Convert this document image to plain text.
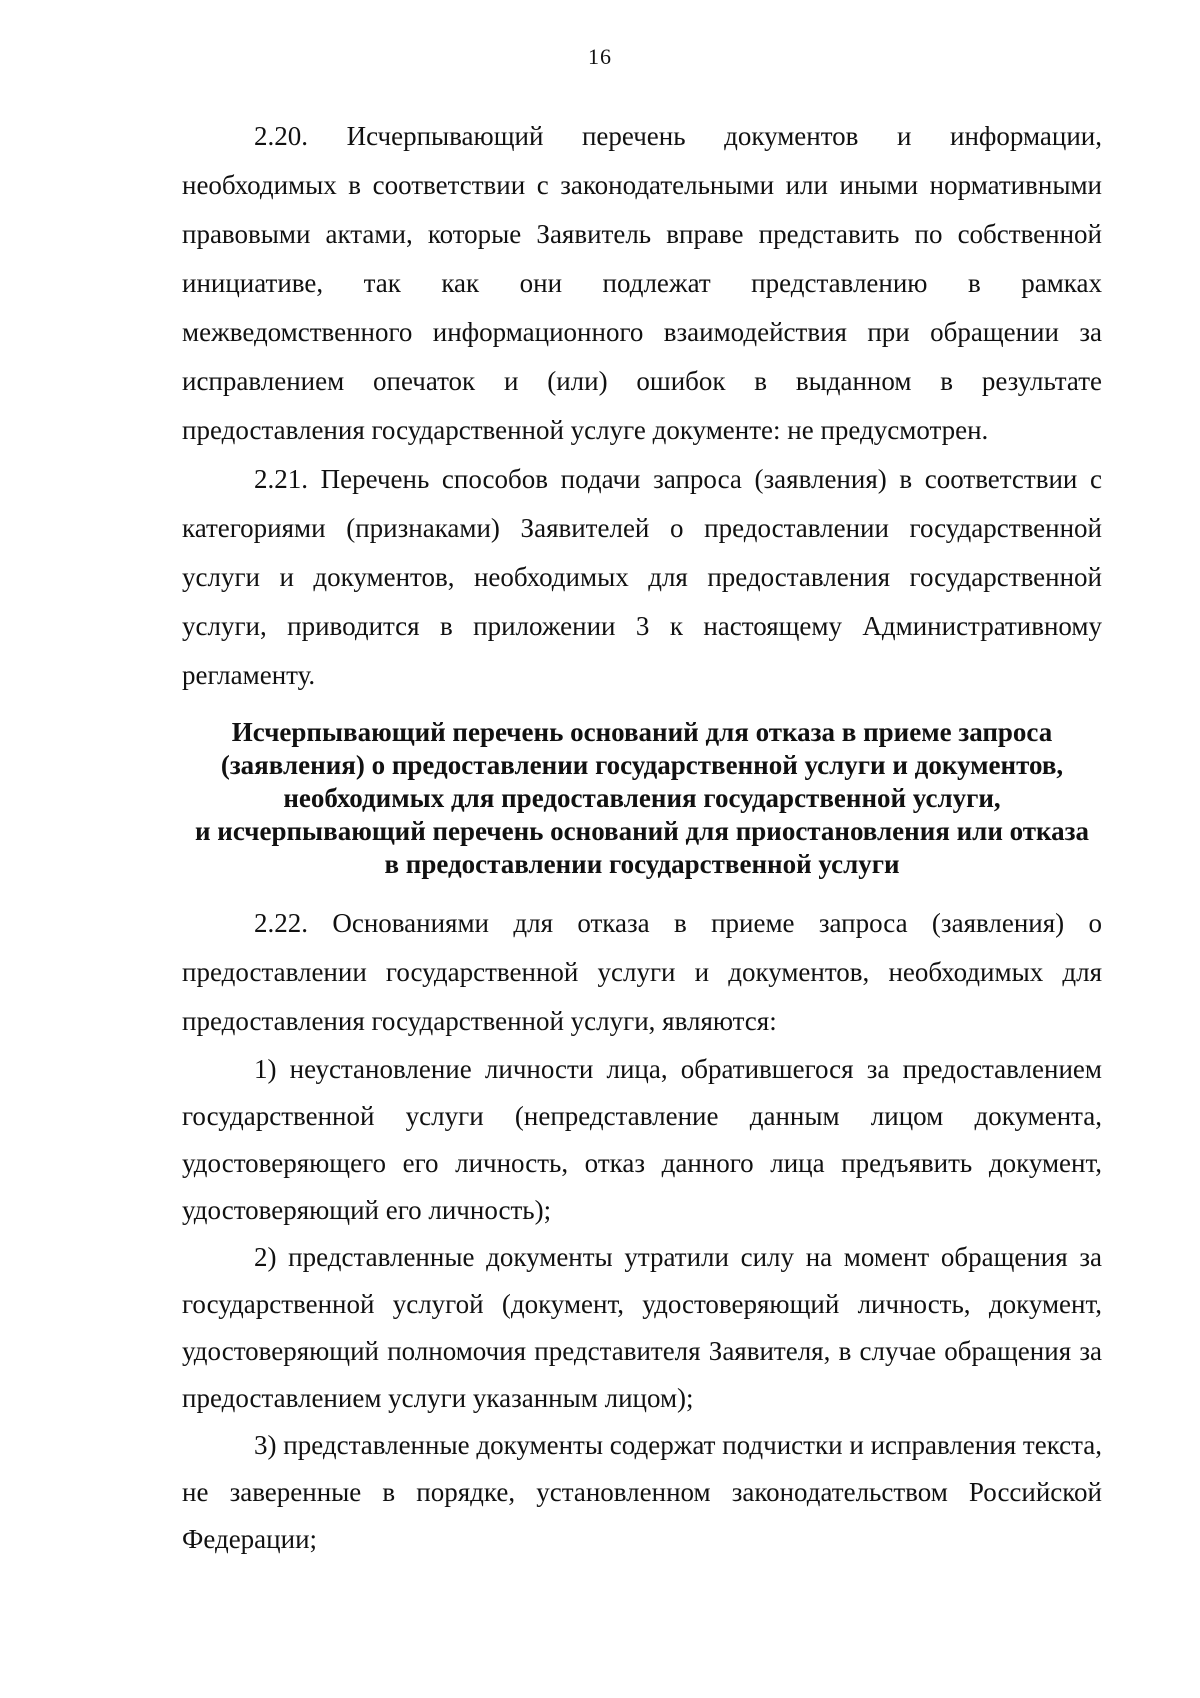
16

2.20. Исчерпывающий перечень документов и информации, необходимых в соответствии с законодательными или иными нормативными правовыми актами, которые Заявитель вправе представить по собственной инициативе, так как они подлежат представлению в рамках межведомственного информационного взаимодействия при обращении за исправлением опечаток и (или) ошибок в выданном в результате предоставления государственной услуге документе: не предусмотрен.

2.21. Перечень способов подачи запроса (заявления) в соответствии с категориями (признаками) Заявителей о предоставлении государственной услуги и документов, необходимых для предоставления государственной услуги, приводится в приложении 3 к настоящему Административному регламенту.

Исчерпывающий перечень оснований для отказа в приеме запроса
(заявления) о предоставлении государственной услуги и документов,
необходимых для предоставления государственной услуги,
и исчерпывающий перечень оснований для приостановления или отказа
в предоставлении государственной услуги

2.22. Основаниями для отказа в приеме запроса (заявления) о предоставлении государственной услуги и документов, необходимых для предоставления государственной услуги, являются:

1) неустановление личности лица, обратившегося за предоставлением государственной услуги (непредставление данным лицом документа, удостоверяющего его личность, отказ данного лица предъявить документ, удостоверяющий его личность);

2) представленные документы утратили силу на момент обращения за государственной услугой (документ, удостоверяющий личность, документ, удостоверяющий полномочия представителя Заявителя, в случае обращения за предоставлением услуги указанным лицом);

3) представленные документы содержат подчистки и исправления текста, не заверенные в порядке, установленном законодательством Российской Федерации;
